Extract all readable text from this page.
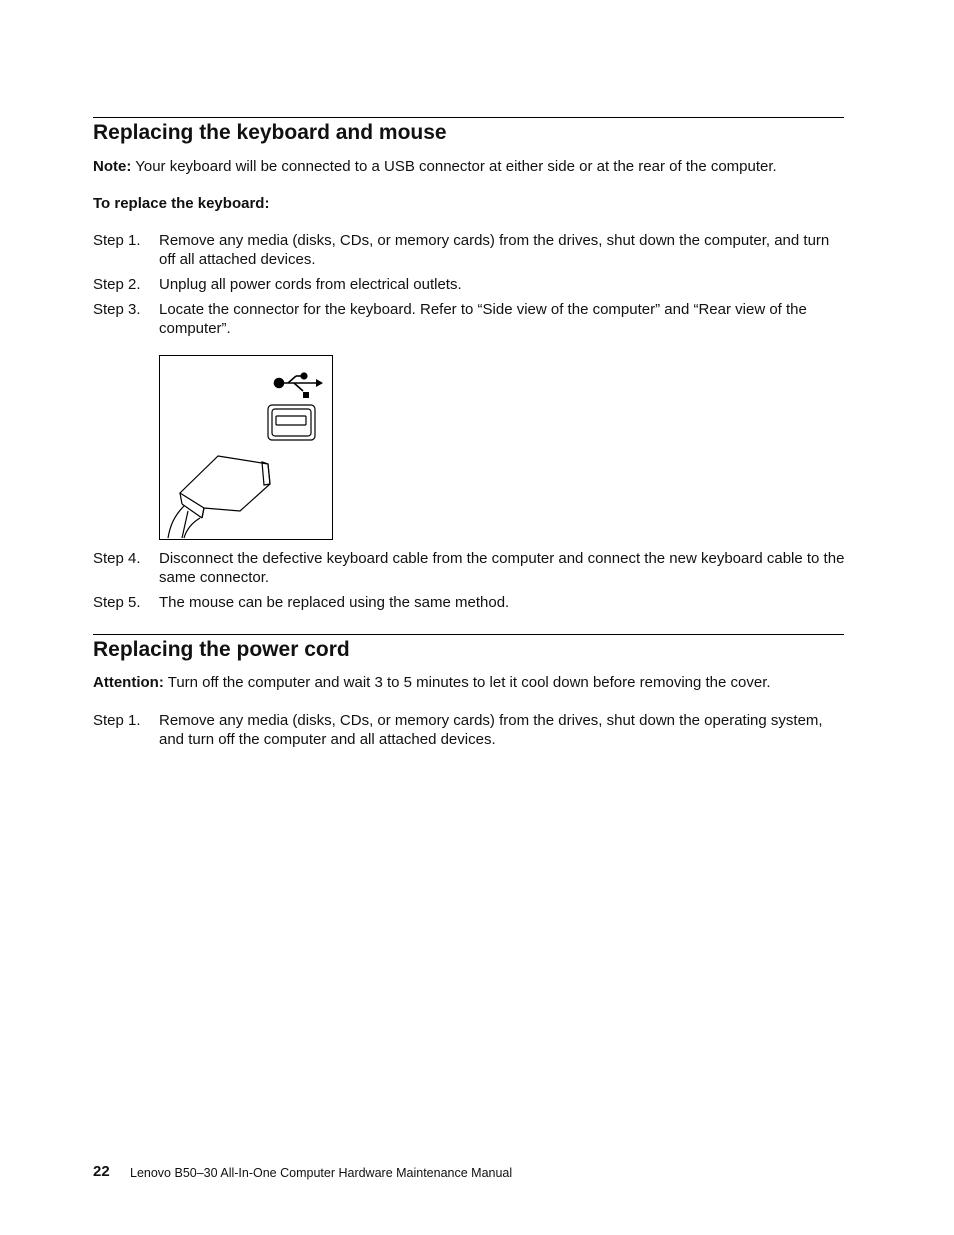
Replacing the keyboard and mouse

Note: Your keyboard will be connected to a USB connector at either side or at the rear of the computer.

To replace the keyboard:

Step 1. Remove any media (disks, CDs, or memory cards) from the drives, shut down the computer, and turn off all attached devices.
Step 2. Unplug all power cords from electrical outlets.
Step 3. Locate the connector for the keyboard. Refer to “Side view of the computer” and “Rear view of the computer”.
Step 4. Disconnect the defective keyboard cable from the computer and connect the new keyboard cable to the same connector.
Step 5. The mouse can be replaced using the same method.
Replacing the power cord

Attention: Turn off the computer and wait 3 to 5 minutes to let it cool down before removing the cover.

Step 1. Remove any media (disks, CDs, or memory cards) from the drives, shut down the operating system, and turn off the computer and all attached devices.
22 Lenovo B50–30 All-In-One Computer Hardware Maintenance Manual
